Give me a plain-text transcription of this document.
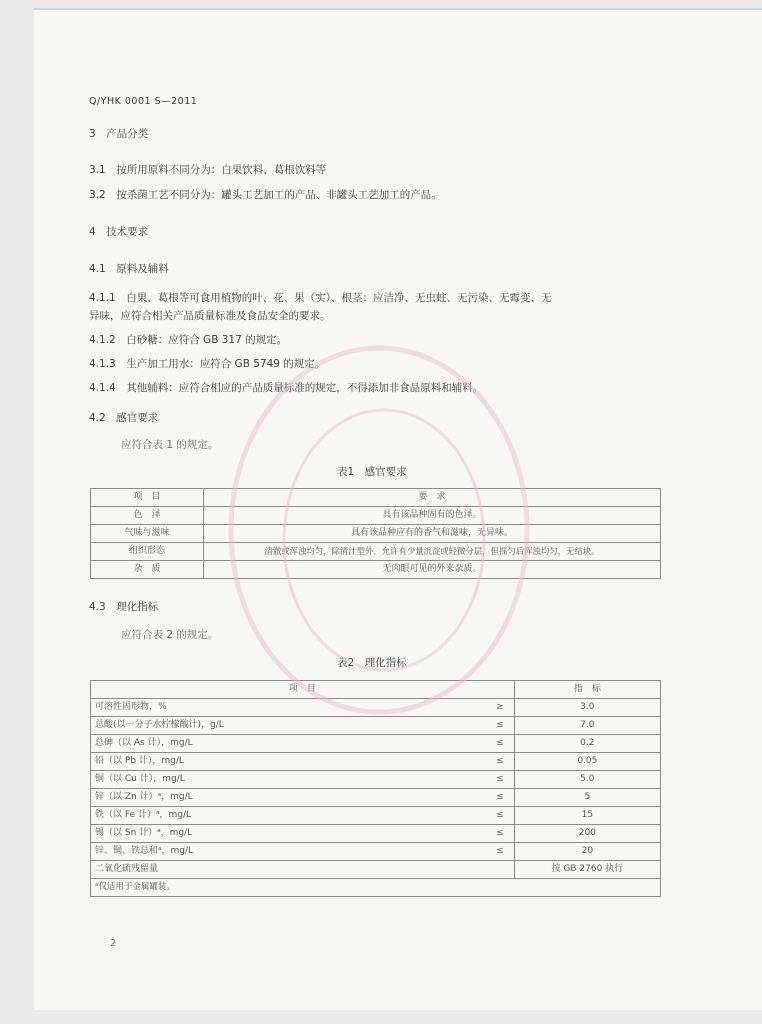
Q/YHK 0001 S—2011
3　产品分类
3.1　按所用原料不同分为：白果饮料、葛根饮料等
3.2　按杀菌工艺不同分为：罐头工艺加工的产品、非罐头工艺加工的产品。
4　技术要求
4.1　原料及辅料
4.1.1　白果、葛根等可食用植物的叶、花、果（实）、根茎：应洁净、无虫蛀、无污染、无霉变、无
异味，应符合相关产品质量标准及食品安全的要求。
4.1.2　白砂糖：应符合 GB 317 的规定。
4.1.3　生产加工用水：应符合 GB 5749 的规定。
4.1.4　其他辅料：应符合相应的产品质量标准的规定，不得添加非食品原料和辅料。
4.2　感官要求
应符合表 1 的规定。
表1　感官要求
项　目	要　求
色　泽	具有该品种固有的色泽。
气味与滋味	具有该品种应有的香气和滋味，无异味。
组织形态	清澈或浑浊均匀，除清汁型外，允许有少量沉淀或轻微分层，但摇匀后浑浊均匀，无结块。
杂　质	无肉眼可见的外来杂质。
4.3　理化指标
应符合表 2 的规定。
表2　理化指标
项　目		指　标
可溶性固形物，%	≥	3.0
总酸(以一分子水柠檬酸计)，g/L	≤	7.0
总砷（以 As 计），mg/L	≤	0.2
铅（以 Pb 计），mg/L	≤	0.05
铜（以 Cu 计），mg/L	≤	5.0
锌（以 Zn 计）ᵃ，mg/L	≤	5
铁（以 Fe 计）ᵃ，mg/L	≤	15
锡（以 Sn 计）ᵃ，mg/L	≤	200
锌、铜、铁总和ᵃ，mg/L	≤	20
二氧化硫残留量		按 GB 2760 执行
ᵃ仅适用于金属罐装。		
2
